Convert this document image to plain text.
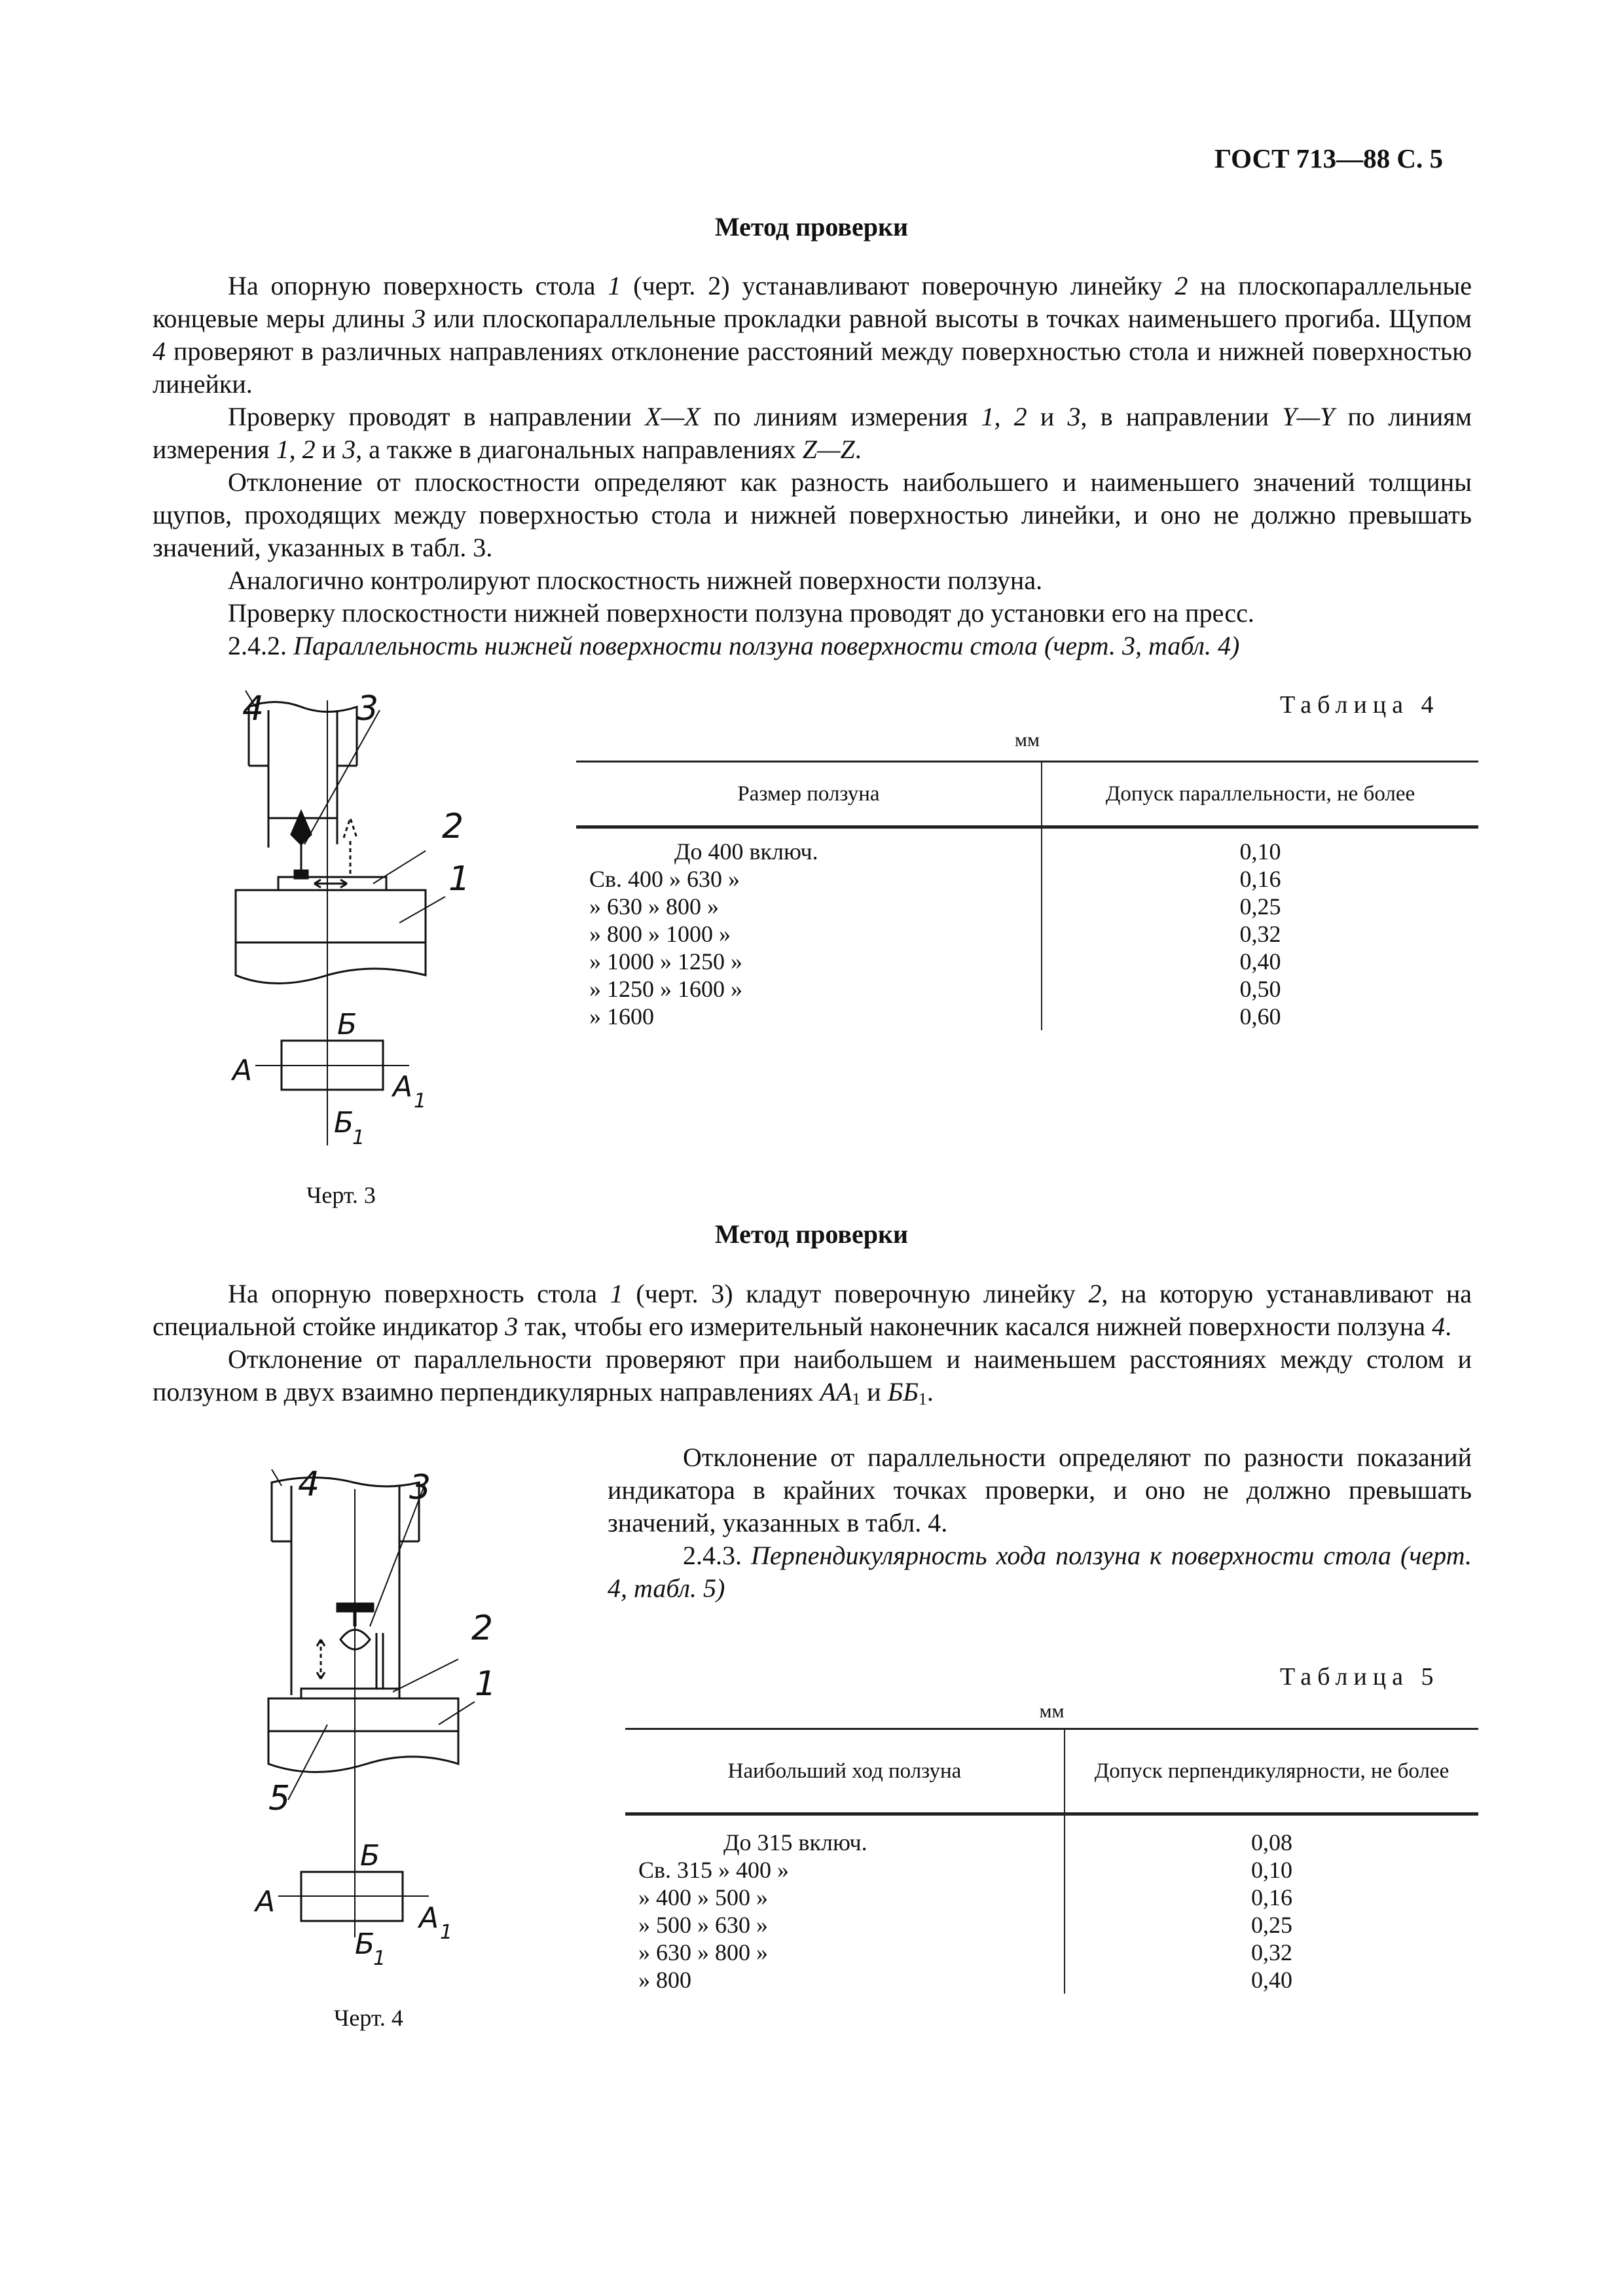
ГОСТ 713—88 С. 5
Метод проверки

На опорную поверхность стола 1 (черт. 2) устанавливают поверочную линейку 2 на плоскопараллельные концевые меры длины 3 или плоскопараллельные прокладки равной высоты в точках наименьшего прогиба. Щупом 4 проверяют в различных направлениях отклонение расстояний между поверхностью стола и нижней поверхностью линейки.

Проверку проводят в направлении X—X по линиям измерения 1, 2 и 3, в направлении Y—Y по линиям измерения 1, 2 и 3, а также в диагональных направлениях Z—Z.

Отклонение от плоскостности определяют как разность наибольшего и наименьшего значений толщины щупов, проходящих между поверхностью стола и нижней поверхностью линейки, и оно не должно превышать значений, указанных в табл. 3.

Аналогично контролируют плоскостность нижней поверхности ползуна.

Проверку плоскостности нижней поверхности ползуна проводят до установки его на пресс.

2.4.2. Параллельность нижней поверхности ползуна поверхности стола (черт. 3, табл. 4)

4	3
2
1
Б
А	А 1
Б
1
Черт. 3
Таблица 4
мм
Размер ползуна	Допуск параллельности, не более
До 400 включ.	0,10
Св. 400 » 630 »	0,16
» 630 » 800 »	0,25
» 800 » 1000 »	0,32
» 1000 » 1250 »	0,40
» 1250 » 1600 »	0,50
» 1600	0,60
Метод проверки

На опорную поверхность стола 1 (черт. 3) кладут поверочную линейку 2, на которую устанавливают на специальной стойке индикатор 3 так, чтобы его измерительный наконечник касался нижней поверхности ползуна 4.

Отклонение от параллельности проверяют при наибольшем и наименьшем расстояниях между столом и ползуном в двух взаимно перпендикулярных направлениях $АА_1$ и $ББ_1$.

Отклонение от параллельности определяют по разности показаний индикатора в крайних точках проверки, и оно не должно превышать значений, указанных в табл. 4.

2.4.3. Перпендикулярность хода ползуна к поверхности стола (черт. 4, табл. 5)

4	3
2
1
5
Б
А	А 1
Б
1
Черт. 4
Таблица 5
мм
Наибольший ход ползуна	Допуск перпендикулярности, не более
До 315 включ.	0,08
Св. 315 » 400 »	0,10
» 400 » 500 »	0,16
» 500 » 630 »	0,25
» 630 » 800 »	0,32
» 800	0,40
